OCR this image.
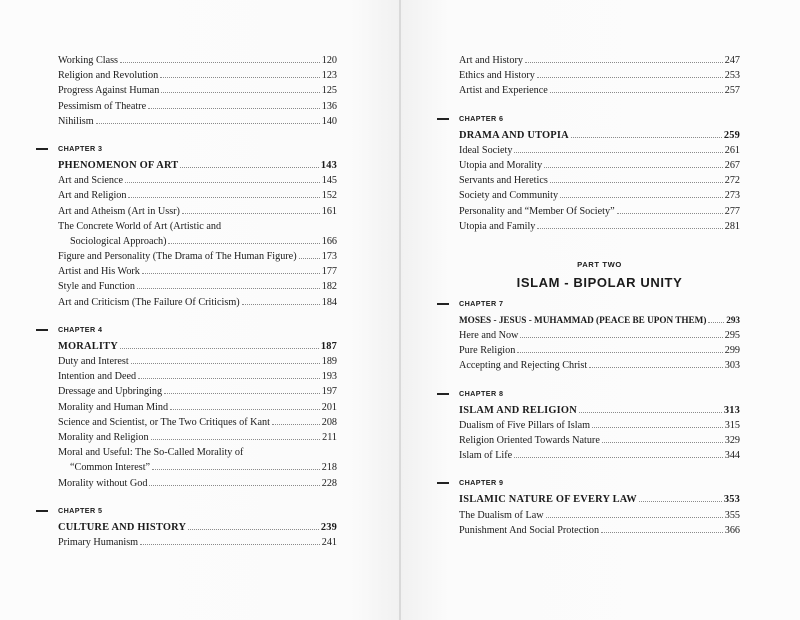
Working Class	120
Religion and Revolution	123
Progress Against Human	125
Pessimism of Theatre	136
Nihilism	140
CHAPTER 3
PHENOMENON OF ART	143
Art and Science	145
Art and Religion	152
Art and Atheism (Art in Ussr)	161
The Concrete World of Art (Artistic and
Sociological Approach)	166
Figure and Personality (The Drama of The Human Figure) 173
Artist and His Work	177
Style and Function	182
Art and Criticism (The Failure Of Criticism)	184
CHAPTER 4
MORALITY	187
Duty and Interest	189
Intention and Deed	193
Dressage and Upbringing	197
Morality and Human Mind	201
Science and Scientist, or The Two Critiques of Kant	208
Morality and Religion	211
Moral and Useful: The So-Called Morality of
“Common Interest”	218
Morality without God	228
CHAPTER 5
CULTURE AND HISTORY	239
Primary Humanism	241
Art and History	247
Ethics and History	253
Artist and Experience	257
CHAPTER 6
DRAMA AND UTOPIA	259
Ideal Society	261
Utopia and Morality	267
Servants and Heretics	272
Society and Community	273
Personality and “Member Of Society”	277
Utopia and Family	281
PART TWO
ISLAM - BIPOLAR UNITY
CHAPTER 7
MOSES - JESUS - MUHAMMAD (PEACE BE UPON THEM) 293
Here and Now	295
Pure Religion	299
Accepting and Rejecting Christ	303
CHAPTER 8
ISLAM AND RELIGION	313
Dualism of Five Pillars of Islam	315
Religion Oriented Towards Nature	329
Islam of Life	344
CHAPTER 9
ISLAMIC NATURE OF EVERY LAW	353
The Dualism of Law	355
Punishment And Social Protection	366
